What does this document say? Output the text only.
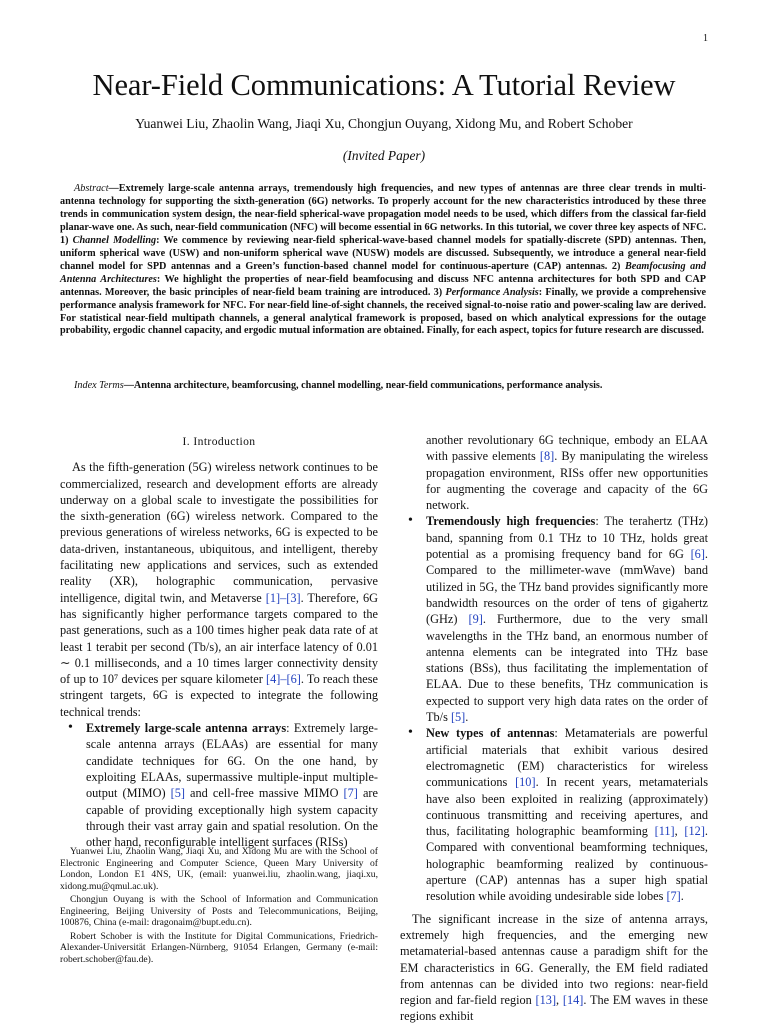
1
Near-Field Communications: A Tutorial Review
Yuanwei Liu, Zhaolin Wang, Jiaqi Xu, Chongjun Ouyang, Xidong Mu, and Robert Schober
(Invited Paper)

Abstract—Extremely large-scale antenna arrays, tremendously high frequencies, and new types of antennas are three clear trends in multi-antenna technology for supporting the sixth-generation (6G) networks. To properly account for the new characteristics introduced by these three trends in communication system design, the near-field spherical-wave propagation model needs to be used, which differs from the classical far-field planar-wave one. As such, near-field communication (NFC) will become essential in 6G networks. In this tutorial, we cover three key aspects of NFC. 1) Channel Modelling: We commence by reviewing near-field spherical-wave-based channel models for spatially-discrete (SPD) antennas. Then, uniform spherical wave (USW) and non-uniform spherical wave (NUSW) models are discussed. Subsequently, we introduce a general near-field channel model for SPD antennas and a Green’s function-based channel model for continuous-aperture (CAP) antennas. 2) Beamfocusing and Antenna Architectures: We highlight the properties of near-field beamfocusing and discuss NFC antenna architectures for both SPD and CAP antennas. Moreover, the basic principles of near-field beam training are introduced. 3) Performance Analysis: Finally, we provide a comprehensive performance analysis framework for NFC. For near-field line-of-sight channels, the received signal-to-noise ratio and power-scaling law are derived. For statistical near-field multipath channels, a general analytical framework is proposed, based on which analytical expressions for the outage probability, ergodic channel capacity, and ergodic mutual information are obtained. Finally, for each aspect, topics for future research are discussed.

Index Terms—Antenna architecture, beamforcusing, channel modelling, near-field communications, performance analysis.

I. Introduction

As the fifth-generation (5G) wireless network continues to be commercialized, research and development efforts are already underway on a global scale to investigate the possibilities for the sixth-generation (6G) wireless network. Compared to the previous generations of wireless networks, 6G is expected to be data-driven, instantaneous, ubiquitous, and intelligent, thereby facilitating new applications and services, such as extended reality (XR), holographic communication, pervasive intelligence, digital twin, and Metaverse [1]–[3]. Therefore, 6G has significantly higher performance targets compared to the past generations, such as a 100 times higher peak data rate of at least 1 terabit per second (Tb/s), an air interface latency of 0.01 ∼ 0.1 milliseconds, and a 10 times larger connectivity density of up to 10⁷ devices per square kilometer [4]–[6]. To reach these stringent targets, 6G is expected to integrate the following technical trends:

• Extremely large-scale antenna arrays: Extremely large-scale antenna arrays (ELAAs) are essential for many candidate techniques for 6G. On the one hand, by exploiting ELAAs, supermassive multiple-input multiple-output (MIMO) [5] and cell-free massive MIMO [7] are capable of providing exceptionally high system capacity through their vast array gain and spatial resolution. On the other hand, reconfigurable intelligent surfaces (RISs)

Yuanwei Liu, Zhaolin Wang, Jiaqi Xu, and Xidong Mu are with the School of Electronic Engineering and Computer Science, Queen Mary University of London, London E1 4NS, UK, (email: yuanwei.liu, zhaolin.wang, jiaqi.xu, xidong.mu@qmul.ac.uk).

Chongjun Ouyang is with the School of Information and Communication Engineering, Beijing University of Posts and Telecommunications, Beijing, 100876, China (e-mail: dragonaim@bupt.edu.cn).

Robert Schober is with the Institute for Digital Communications, Friedrich-Alexander-Universität Erlangen-Nürnberg, 91054 Erlangen, Germany (e-mail: robert.schober@fau.de).

another revolutionary 6G technique, embody an ELAA with passive elements [8]. By manipulating the wireless propagation environment, RISs offer new opportunities for augmenting the coverage and capacity of the 6G network.

• Tremendously high frequencies: The terahertz (THz) band, spanning from 0.1 THz to 10 THz, holds great potential as a promising frequency band for 6G [6]. Compared to the millimeter-wave (mmWave) band utilized in 5G, the THz band provides significantly more bandwidth resources on the order of tens of gigahertz (GHz) [9]. Furthermore, due to the very small wavelengths in the THz band, an enormous number of antenna elements can be integrated into THz base stations (BSs), thus facilitating the implementation of ELAA. Due to these benefits, THz communication is expected to support very high data rates on the order of Tb/s [5].

• New types of antennas: Metamaterials are powerful artificial materials that exhibit various desired electromagnetic (EM) characteristics for wireless communications [10]. In recent years, metamaterials have also been exploited in realizing (approximately) continuous transmitting and receiving apertures, and thus, facilitating holographic beamforming [11], [12]. Compared with conventional beamforming techniques, holographic beamforming realized by continuous-aperture (CAP) antennas has a super high spatial resolution while avoiding undesirable side lobes [7].

The significant increase in the size of antenna arrays, extremely high frequencies, and the emerging new metamaterial-based antennas cause a paradigm shift for the EM characteristics in 6G. Generally, the EM field radiated from antennas can be divided into two regions: near-field region and far-field region [13], [14]. The EM waves in these regions exhibit
